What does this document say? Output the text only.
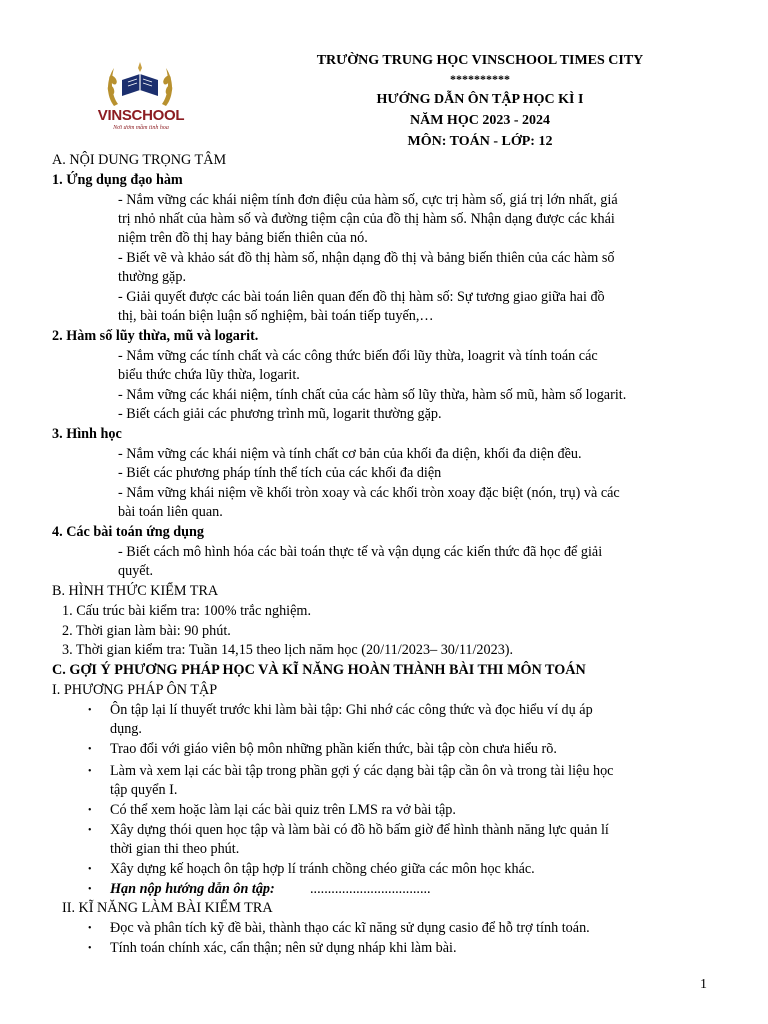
VINSCHOOL
Nơi ươm mầm tinh hoa
TRƯỜNG TRUNG HỌC VINSCHOOL TIMES CITY
**********
HƯỚNG DẪN ÔN TẬP HỌC KÌ I
NĂM HỌC 2023 - 2024
MÔN: TOÁN - LỚP: 12
A. NỘI DUNG TRỌNG TÂM
1. Ứng dụng đạo hàm
- Nắm vững các khái niệm tính đơn điệu của hàm số, cực trị hàm số, giá trị lớn nhất, giá
trị nhỏ nhất của hàm số và đường tiệm cận của đồ thị hàm số. Nhận dạng được các khái
niệm trên đồ thị hay bảng biến thiên của nó.
- Biết vẽ và khảo sát đồ thị hàm số, nhận dạng đồ thị và bảng biến thiên của các hàm số
thường gặp.
- Giải quyết được các bài toán liên quan đến đồ thị hàm số: Sự tương giao giữa hai đồ
thị, bài toán biện luận số nghiệm, bài toán tiếp tuyến,…
2. Hàm số lũy thừa, mũ và logarit.
- Nắm vững các tính chất và các công thức biến đổi lũy thừa, loagrit và tính toán các
biểu thức chứa lũy thừa, logarit.
- Nắm vững các khái niệm, tính chất của các hàm số lũy thừa, hàm số mũ, hàm số logarit.
- Biết cách giải các phương trình mũ, logarit thường gặp.
3. Hình học
- Nắm vững các khái niệm và tính chất cơ bản của khối đa diện, khối đa diện đều.
- Biết các phương pháp tính thể tích của các khối đa diện
- Nắm vững khái niệm về khối tròn xoay và các khối tròn xoay đặc biệt (nón, trụ) và các
bài toán liên quan.
4. Các bài toán ứng dụng
- Biết cách mô hình hóa các bài toán thực tế và vận dụng các kiến thức đã học để giải
quyết.
B. HÌNH THỨC KIỂM TRA
1. Cấu trúc bài kiểm tra: 100% trắc nghiệm.
2. Thời gian làm bài: 90 phút.
3. Thời gian kiểm tra: Tuần 14,15 theo lịch năm học (20/11/2023– 30/11/2023).
C. GỢI Ý PHƯƠNG PHÁP HỌC VÀ KĨ NĂNG HOÀN THÀNH BÀI THI MÔN TOÁN
I. PHƯƠNG PHÁP ÔN TẬP
• Ôn tập lại lí thuyết trước khi làm bài tập: Ghi nhớ các công thức và đọc hiểu ví dụ áp
dụng.
• Trao đổi với giáo viên bộ môn những phần kiến thức, bài tập còn chưa hiểu rõ.
• Làm và xem lại các bài tập trong phần gợi ý các dạng bài tập cần ôn và trong tài liệu học
tập quyển I.
• Có thể xem hoặc làm lại các bài quiz trên LMS ra vở bài tập.
• Xây dựng thói quen học tập và làm bài có đồ hồ bấm giờ để hình thành năng lực quản lí
thời gian thi theo phút.
• Xây dựng kế hoạch ôn tập hợp lí tránh chồng chéo giữa các môn học khác.
• Hạn nộp hướng dẫn ôn tập: ..................................
II. KĨ NĂNG LÀM BÀI KIỂM TRA
• Đọc và phân tích kỹ đề bài, thành thạo các kĩ năng sử dụng casio để hỗ trợ tính toán.
• Tính toán chính xác, cẩn thận; nên sử dụng nháp khi làm bài.
1
